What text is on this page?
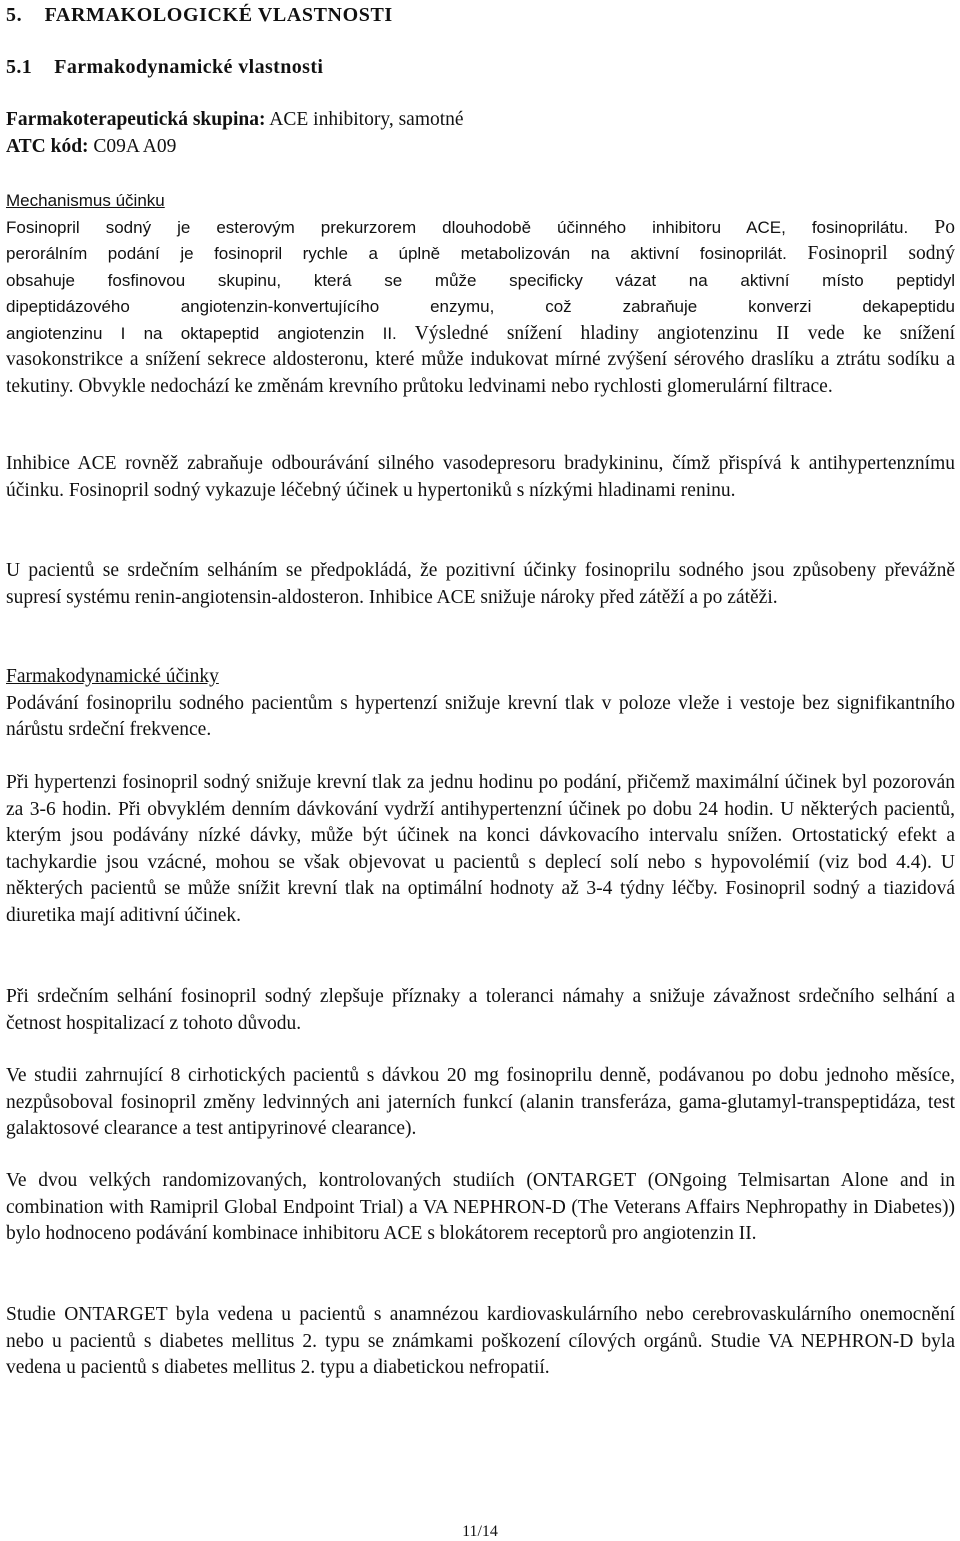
5.    FARMAKOLOGICKÉ VLASTNOSTI
5.1 Farmakodynamické vlastnosti
Farmakoterapeutická skupina: ACE inhibitory, samotné
ATC kód: C09A A09
Mechanismus účinku
Fosinopril sodný je esterovým prekurzorem dlouhodobě účinného inhibitoru ACE, fosinoprilátu. Po
perorálním podání je fosinopril rychle a úplně metabolizován na aktivní fosinoprilát. Fosinopril sodný
obsahuje fosfinovou skupinu, která se může specificky vázat na aktivní místo peptidyl
dipeptidázového angiotenzin-konvertujícího enzymu, což zabraňuje konverzi dekapeptidu
angiotenzinu I na oktapeptid angiotenzin II. Výsledné snížení hladiny angiotenzinu II vede ke snížení

vasokonstrikce a snížení sekrece aldosteronu, které může indukovat mírné zvýšení sérového draslíku a ztrátu sodíku a tekutiny. Obvykle nedochází ke změnám krevního průtoku ledvinami nebo rychlosti glomerulární filtrace.

Inhibice ACE rovněž zabraňuje odbourávání silného vasodepresoru bradykininu, čímž přispívá k antihypertenznímu účinku. Fosinopril sodný vykazuje léčebný účinek u hypertoniků s nízkými hladinami reninu.

U pacientů se srdečním selháním se předpokládá, že pozitivní účinky fosinoprilu sodného jsou způsobeny převážně supresí systému renin-angiotensin-aldosteron. Inhibice ACE snižuje nároky před zátěží a po zátěži.

Farmakodynamické účinky

Podávání fosinoprilu sodného pacientům s hypertenzí snižuje krevní tlak v poloze vleže i vestoje bez signifikantního nárůstu srdeční frekvence.

Při hypertenzi fosinopril sodný snižuje krevní tlak za jednu hodinu po podání, přičemž maximální účinek byl pozorován za 3-6 hodin. Při obvyklém denním dávkování vydrží antihypertenzní účinek po dobu 24 hodin. U některých pacientů, kterým jsou podávány nízké dávky, může být účinek na konci dávkovacího intervalu snížen. Ortostatický efekt a tachykardie jsou vzácné, mohou se však objevovat u pacientů s deplecí solí nebo s hypovolémií (viz bod 4.4). U některých pacientů se může snížit krevní tlak na optimální hodnoty až 3-4 týdny léčby. Fosinopril sodný a tiazidová diuretika mají aditivní účinek.

Při srdečním selhání fosinopril sodný zlepšuje příznaky a toleranci námahy a snižuje závažnost srdečního selhání a četnost hospitalizací z tohoto důvodu.

Ve studii zahrnující 8 cirhotických pacientů s dávkou 20 mg fosinoprilu denně, podávanou po dobu jednoho měsíce, nezpůsoboval fosinopril změny ledvinných ani jaterních funkcí (alanin transferáza, gama-glutamyl-transpeptidáza, test galaktosové clearance a test antipyrinové clearance).

Ve dvou velkých randomizovaných, kontrolovaných studiích (ONTARGET (ONgoing Telmisartan Alone and in combination with Ramipril Global Endpoint Trial) a VA NEPHRON-D (The Veterans Affairs Nephropathy in Diabetes)) bylo hodnoceno podávání kombinace inhibitoru ACE s blokátorem receptorů pro angiotenzin II.

Studie ONTARGET byla vedena u pacientů s anamnézou kardiovaskulárního nebo cerebrovaskulárního onemocnění nebo u pacientů s diabetes mellitus 2. typu se známkami poškození cílových orgánů. Studie VA NEPHRON-D byla vedena u pacientů s diabetes mellitus 2. typu a diabetickou nefropatií.

11/14
